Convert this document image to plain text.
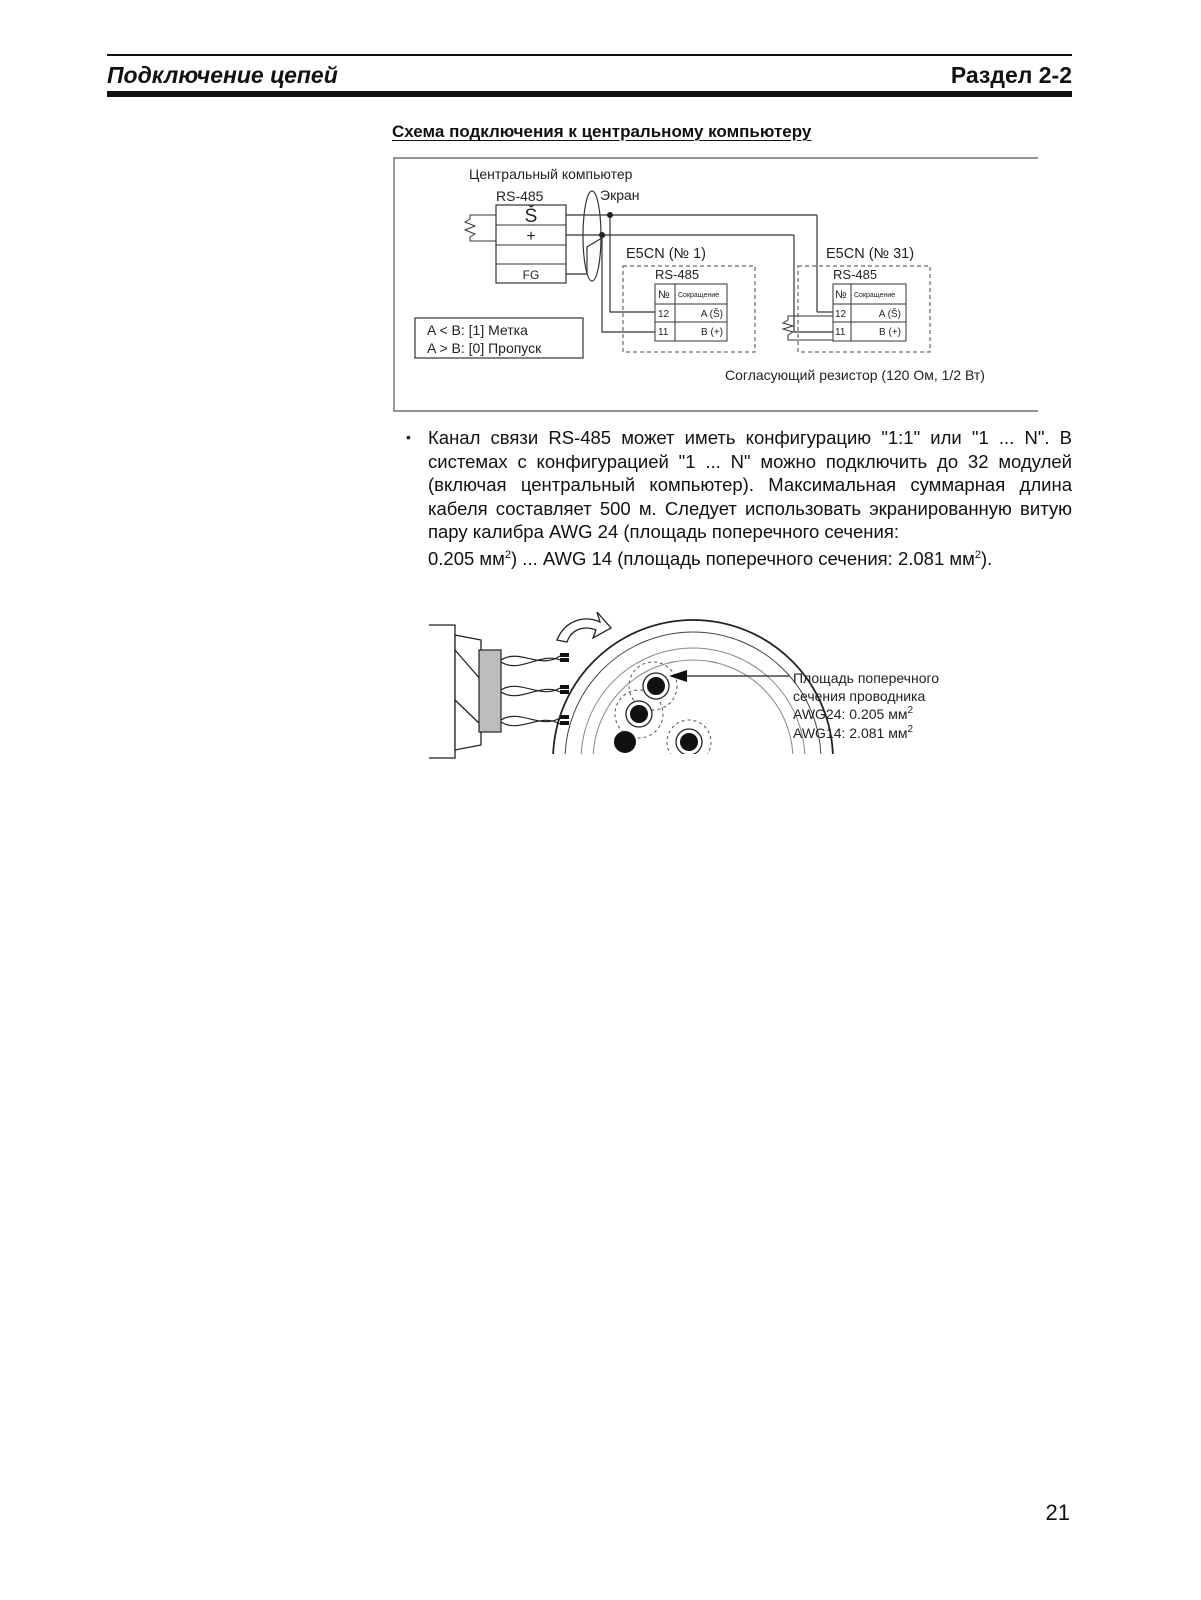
Подключение цепей	Раздел 2-2
Схема подключения к центральному компьютеру
Центральный компьютер
RS-485	Экран
Š
+
FG
E5CN (№ 1)
RS-485
№ Сокращение
12	A (Š)
11	B (+)
E5CN (№ 31)
RS-485
№ Сокращение
12	A (Š)
11	B (+)
A < B: [1] Метка
A > B: [0] Пропуск
Согласующий резистор (120 Ом, 1/2 Вт)
• Канал связи RS-485 может иметь конфигурацию "1:1" или "1 ... N". В системах с конфигурацией "1 ... N" можно подключить до 32 модулей (включая центральный компьютер). Максимальная суммарная длина кабеля составляет 500 м. Следует использовать экранированную витую пару калибра AWG 24 (площадь поперечного сечения:
0.205 $мм^2$) ... AWG 14 (площадь поперечного сечения: 2.081 $мм^2$).

Площадь поперечного
сечения проводника
AWG24: 0.205 $мм^2$
AWG14: 2.081 $мм^2$
21
